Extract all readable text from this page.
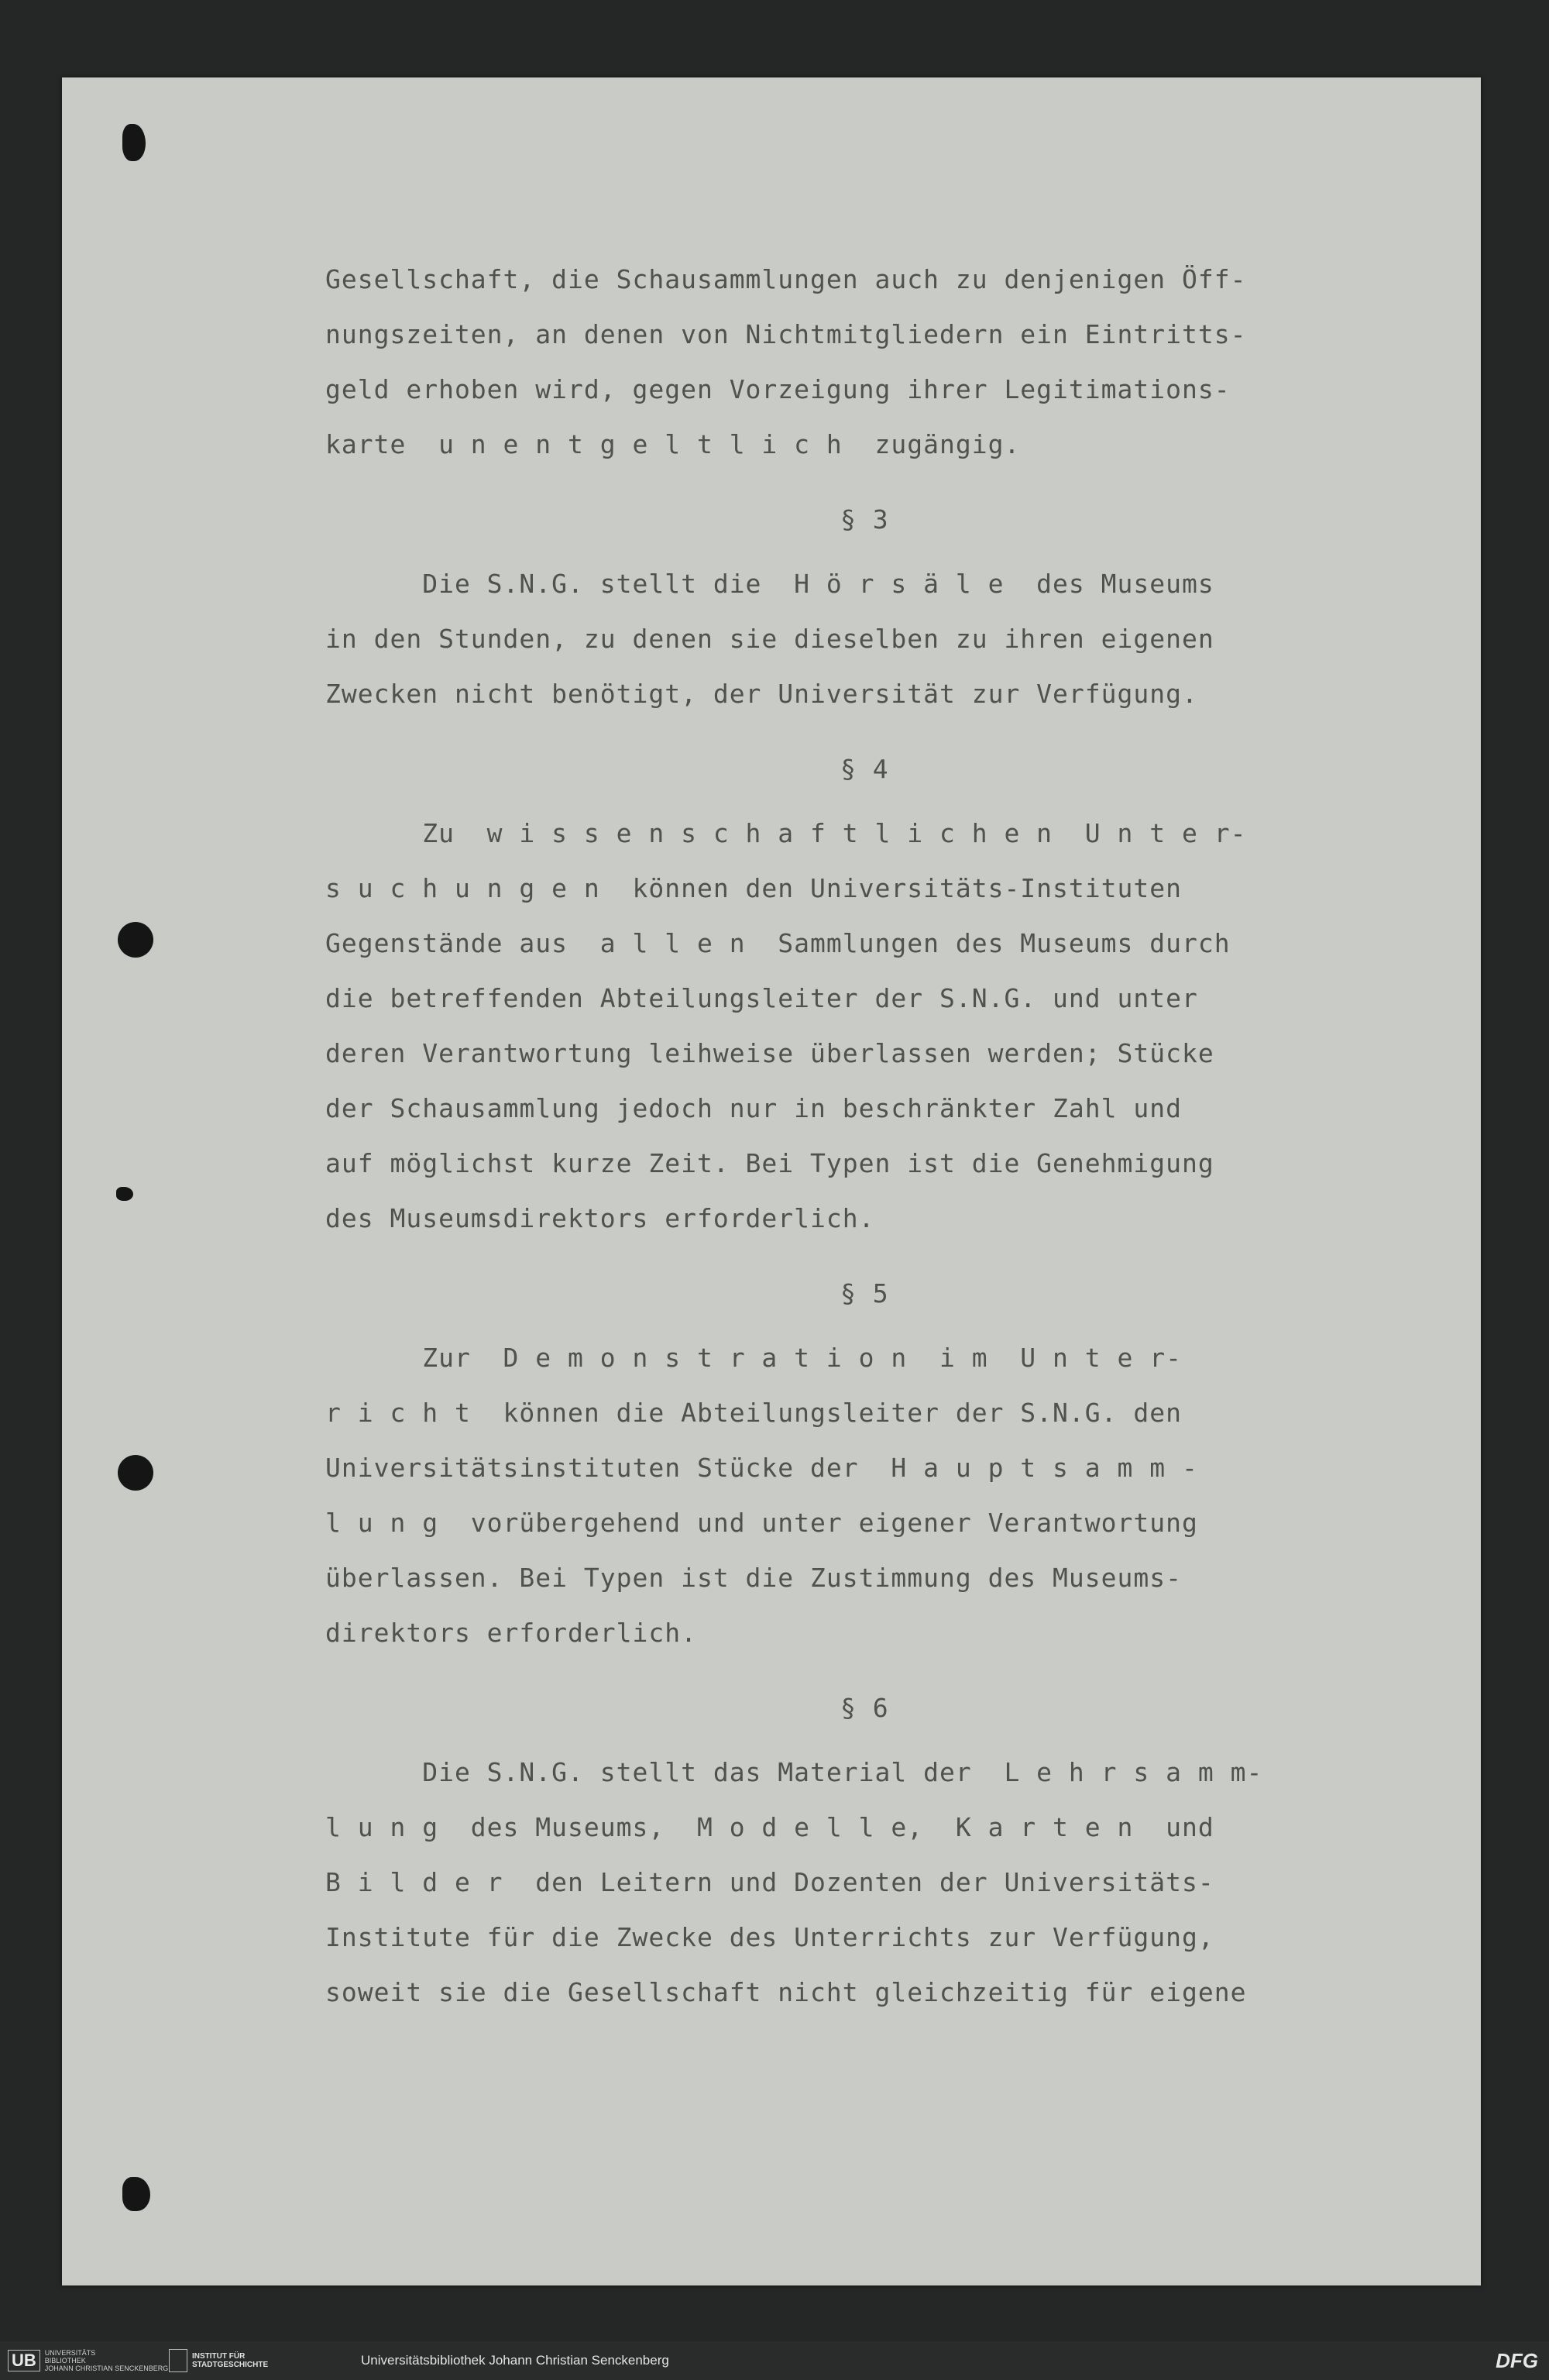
Gesellschaft, die Schausammlungen auch zu denjenigen Öff-
nungszeiten, an denen von Nichtmitgliedern ein Eintritts-
geld erhoben wird, gegen Vorzeigung ihrer Legitimations-
karte  u n e n t g e l t l i c h  zugängig.
§ 3
Die S.N.G. stellt die  H ö r s ä l e  des Museums
in den Stunden, zu denen sie dieselben zu ihren eigenen
Zwecken nicht benötigt, der Universität zur Verfügung.
§ 4
Zu  w i s s e n s c h a f t l i c h e n  U n t e r-
s u c h u n g e n  können den Universitäts-Instituten
Gegenstände aus  a l l e n  Sammlungen des Museums durch
die betreffenden Abteilungsleiter der S.N.G. und unter
deren Verantwortung leihweise überlassen werden; Stücke
der Schausammlung jedoch nur in beschränkter Zahl und
auf möglichst kurze Zeit. Bei Typen ist die Genehmigung
des Museumsdirektors erforderlich.
§ 5
Zur  D e m o n s t r a t i o n  i m  U n t e r-
r i c h t  können die Abteilungsleiter der S.N.G. den
Universitätsinstituten Stücke der  H a u p t s a m m -
l u n g  vorübergehend und unter eigener Verantwortung
überlassen. Bei Typen ist die Zustimmung des Museums-
direktors erforderlich.
§ 6
Die S.N.G. stellt das Material der  L e h r s a m m-
l u n g  des Museums,  M o d e l l e,  K a r t e n  und
B i l d e r  den Leitern und Dozenten der Universitäts-
Institute für die Zwecke des Unterrichts zur Verfügung,
soweit sie die Gesellschaft nicht gleichzeitig für eigene
UB	UNIVERSITÄTS
BIBLIOTHEK
JOHANN CHRISTIAN SENCKENBERG
INSTITUT FÜR
STADTGESCHICHTE	Universitätsbibliothek Johann Christian Senckenberg	DFG
